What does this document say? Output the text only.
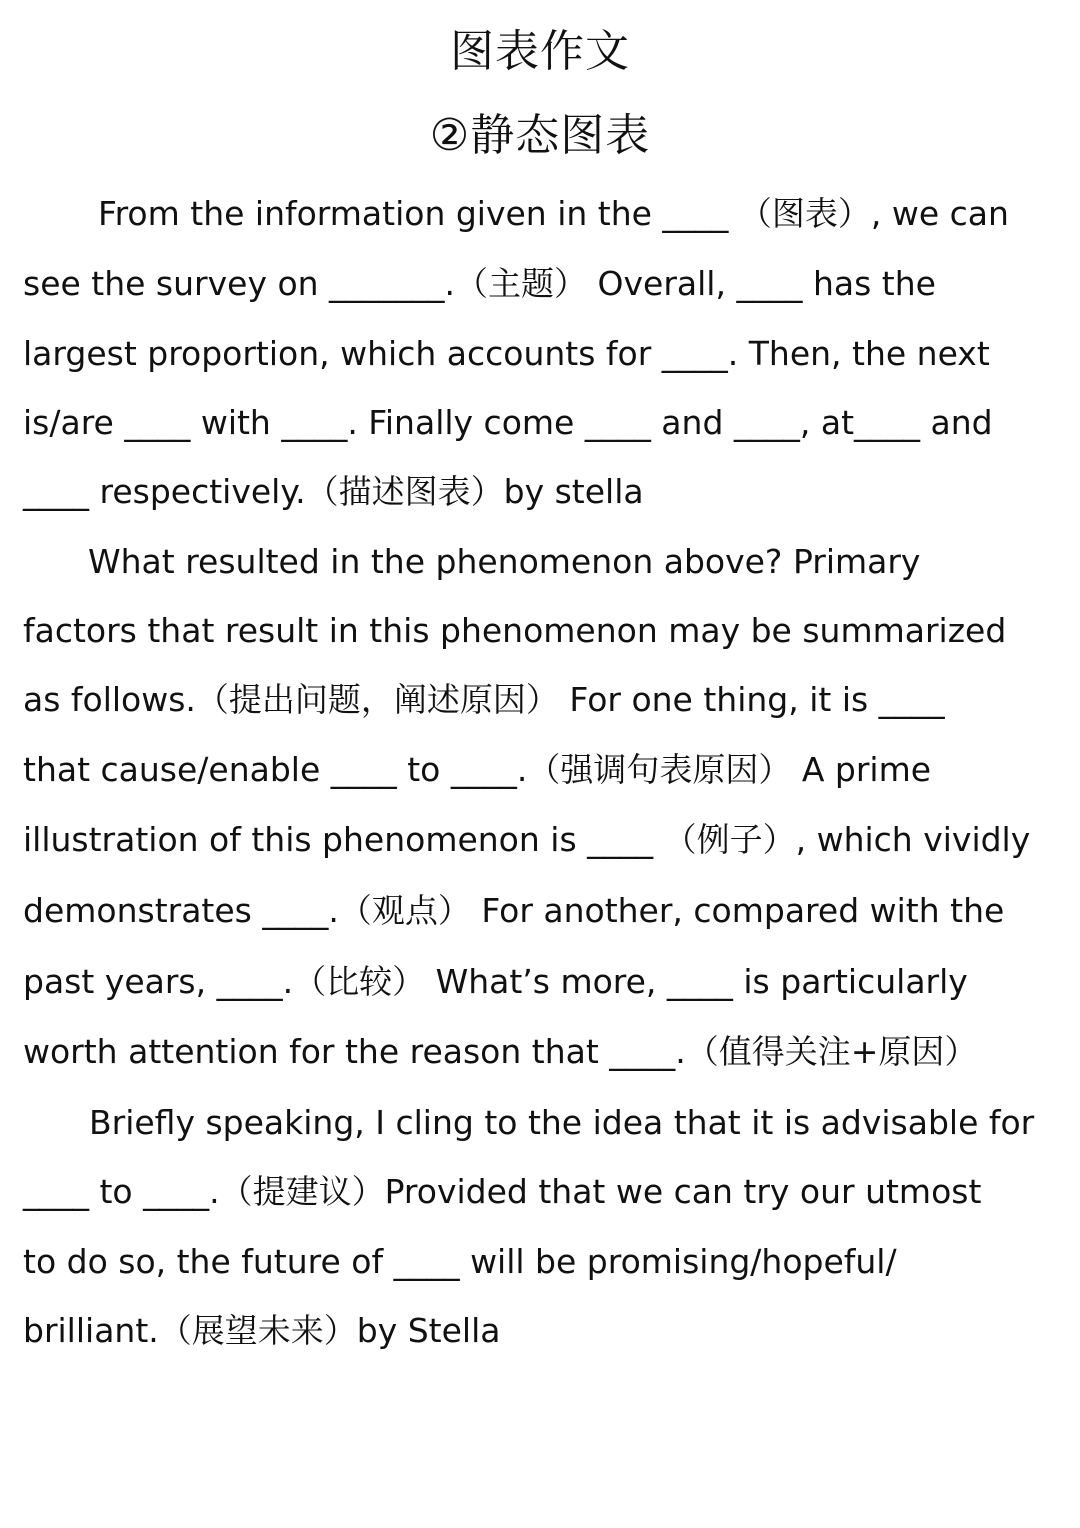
图表作文
②静态图表

From the information given in the ____ （图表）, we can

see the survey on _______.（主题） Overall, ____ has the

largest proportion, which accounts for ____. Then, the next

is/are ____ with ____. Finally come ____ and ____, at____ and

____ respectively.（描述图表）by stella

What resulted in the phenomenon above? Primary

factors that result in this phenomenon may be summarized

as follows.（提出问题，阐述原因） For one thing, it is ____

that cause/enable ____ to ____.（强调句表原因） A prime

illustration of this phenomenon is ____ （例子）, which vividly

demonstrates ____.（观点） For another, compared with the

past years, ____.（比较） What’s more, ____ is particularly

worth attention for the reason that ____.（值得关注+原因）

Briefly speaking, I cling to the idea that it is advisable for

____ to ____.（提建议）Provided that we can try our utmost

to do so, the future of ____ will be promising/hopeful/

brilliant.（展望未来）by Stella
